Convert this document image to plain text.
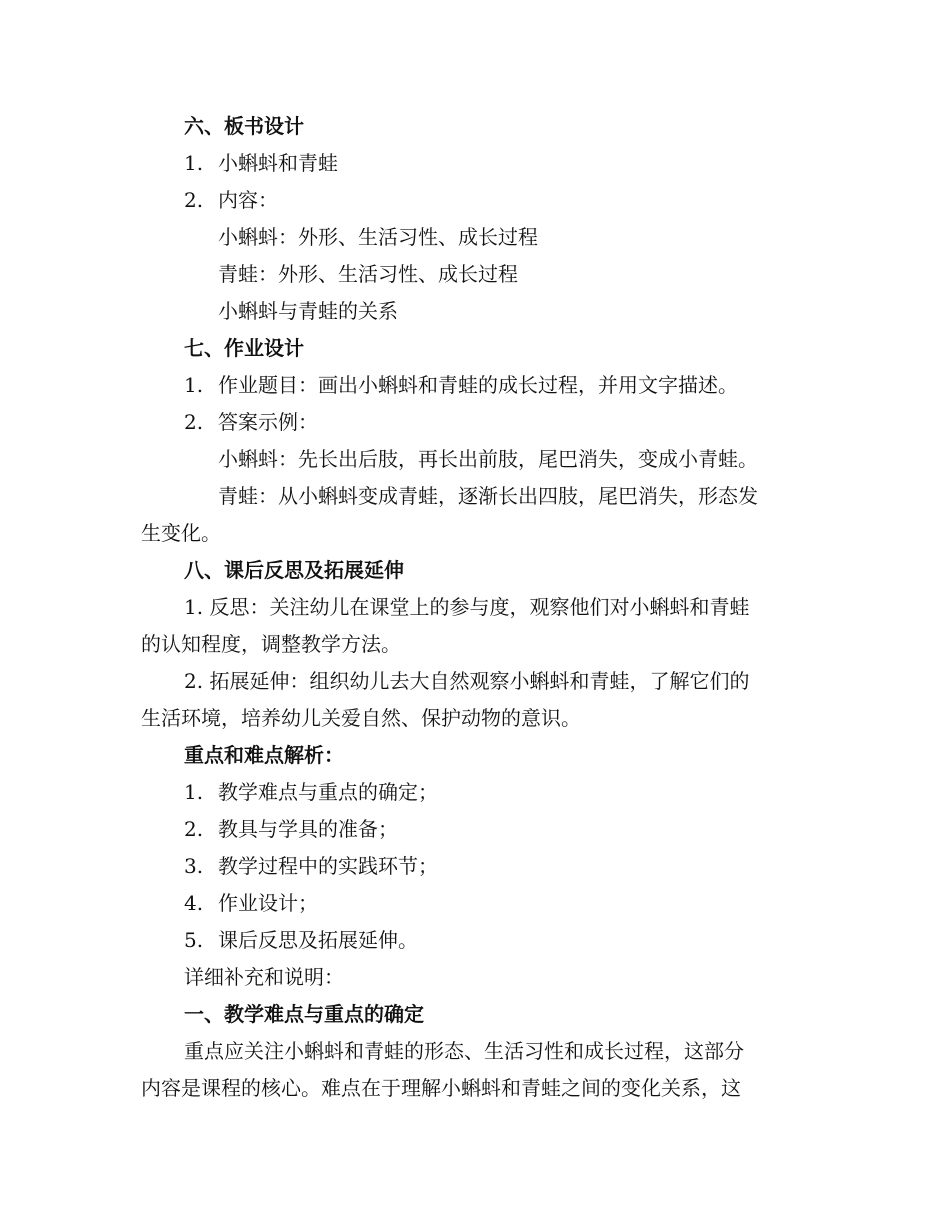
六、板书设计
1. 小蝌蚪和青蛙
2. 内容：
小蝌蚪：外形、生活习性、成长过程
青蛙：外形、生活习性、成长过程
小蝌蚪与青蛙的关系
七、作业设计
1. 作业题目：画出小蝌蚪和青蛙的成长过程，并用文字描述。
2. 答案示例：
小蝌蚪：先长出后肢，再长出前肢，尾巴消失，变成小青蛙。
青蛙：从小蝌蚪变成青蛙，逐渐长出四肢，尾巴消失，形态发
生变化。
八、课后反思及拓展延伸
1. 反思：关注幼儿在课堂上的参与度，观察他们对小蝌蚪和青蛙
的认知程度，调整教学方法。
2. 拓展延伸：组织幼儿去大自然观察小蝌蚪和青蛙，了解它们的
生活环境，培养幼儿关爱自然、保护动物的意识。
重点和难点解析：
1. 教学难点与重点的确定；
2. 教具与学具的准备；
3. 教学过程中的实践环节；
4. 作业设计；
5. 课后反思及拓展延伸。
详细补充和说明：
一、教学难点与重点的确定
重点应关注小蝌蚪和青蛙的形态、生活习性和成长过程，这部分
内容是课程的核心。难点在于理解小蝌蚪和青蛙之间的变化关系，这
